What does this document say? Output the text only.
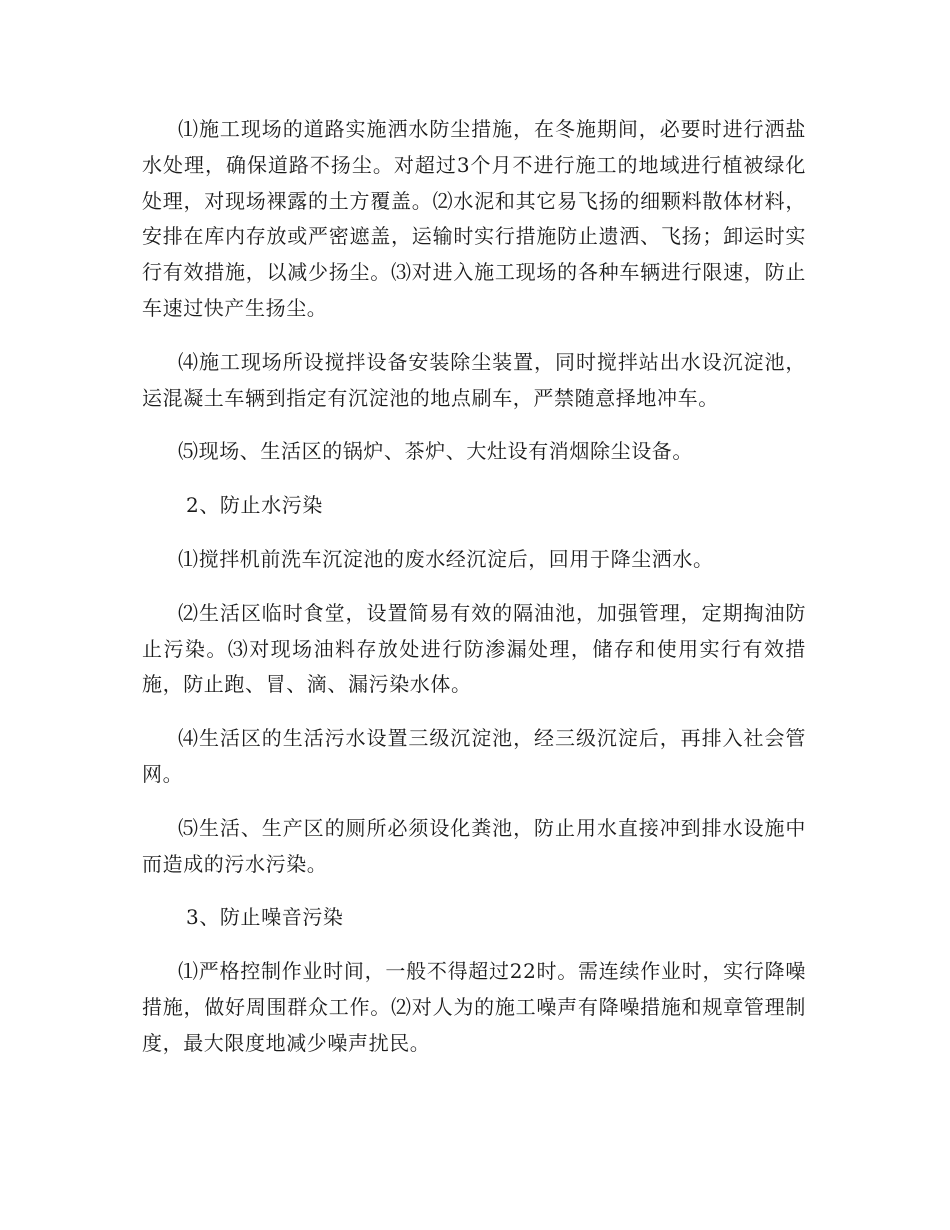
⑴施工现场的道路实施洒水防尘措施，在冬施期间，必要时进行洒盐水处理，确保道路不扬尘。对超过3个月不进行施工的地域进行植被绿化处理，对现场裸露的土方覆盖。⑵水泥和其它易飞扬的细颗料散体材料，安排在库内存放或严密遮盖，运输时实行措施防止遗洒、飞扬；卸运时实行有效措施，以减少扬尘。⑶对进入施工现场的各种车辆进行限速，防止车速过快产生扬尘。

⑷施工现场所设搅拌设备安装除尘装置，同时搅拌站出水设沉淀池，运混凝土车辆到指定有沉淀池的地点刷车，严禁随意择地冲车。

⑸现场、生活区的锅炉、茶炉、大灶设有消烟除尘设备。

2、防止水污染

⑴搅拌机前洗车沉淀池的废水经沉淀后，回用于降尘洒水。

⑵生活区临时食堂，设置简易有效的隔油池，加强管理，定期掏油防止污染。⑶对现场油料存放处进行防渗漏处理，储存和使用实行有效措施，防止跑、冒、滴、漏污染水体。

⑷生活区的生活污水设置三级沉淀池，经三级沉淀后，再排入社会管网。

⑸生活、生产区的厕所必须设化粪池，防止用水直接冲到排水设施中而造成的污水污染。

3、防止噪音污染

⑴严格控制作业时间，一般不得超过22时。需连续作业时，实行降噪措施，做好周围群众工作。⑵对人为的施工噪声有降噪措施和规章管理制度，最大限度地减少噪声扰民。
